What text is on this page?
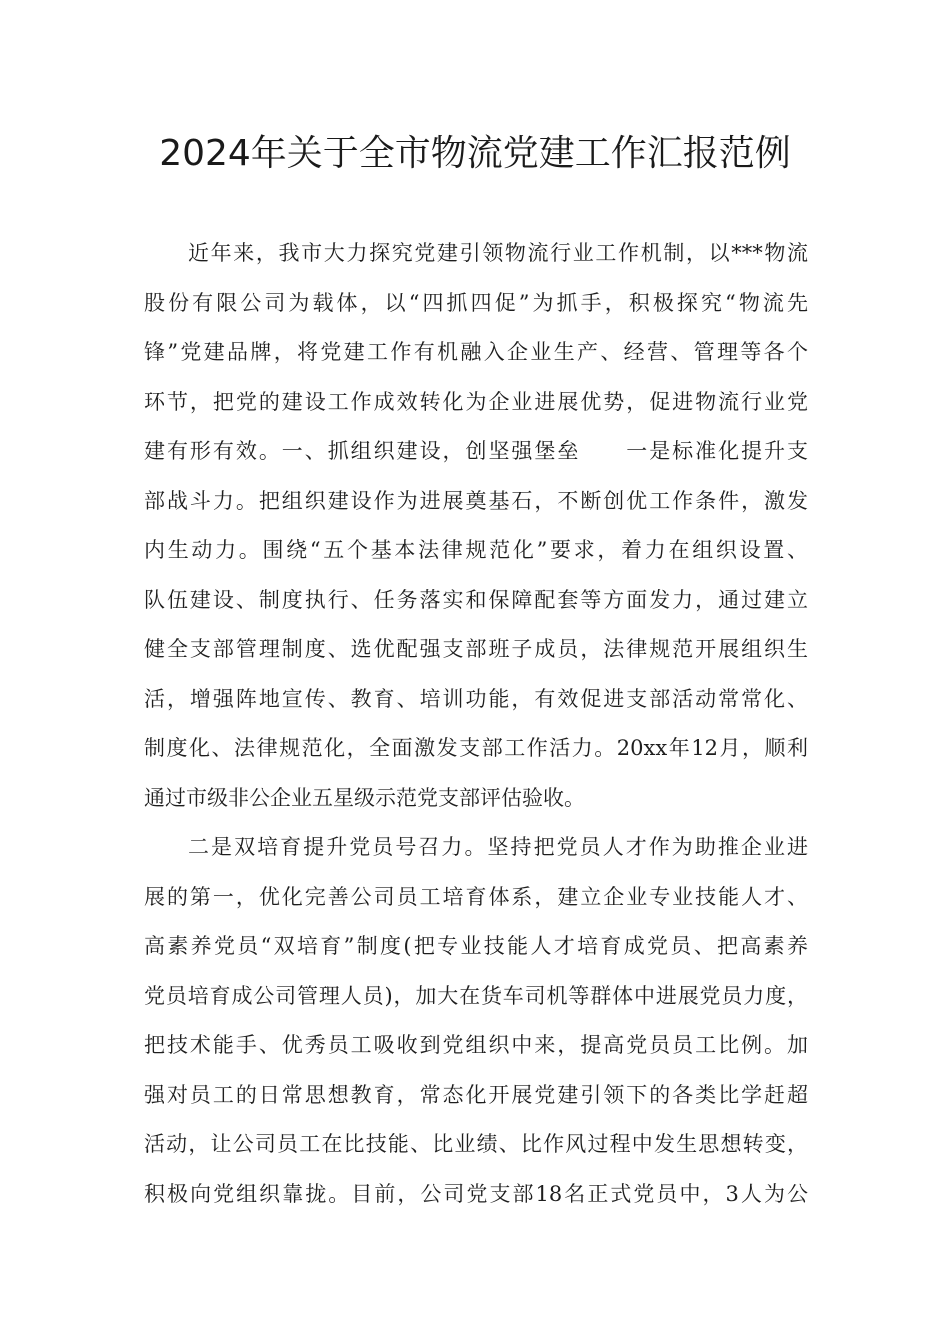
2024年关于全市物流党建工作汇报范例
近年来，我市大力探究党建引领物流行业工作机制，以***物流
股份有限公司为载体，以“四抓四促”为抓手，积极探究“物流先
锋”党建品牌，将党建工作有机融入企业生产、经营、管理等各个
环节，把党的建设工作成效转化为企业进展优势，促进物流行业党
建有形有效。一、抓组织建设，创坚强堡垒　　一是标准化提升支
部战斗力。把组织建设作为进展奠基石，不断创优工作条件，激发
内生动力。围绕“五个基本法律规范化”要求，着力在组织设置、
队伍建设、制度执行、任务落实和保障配套等方面发力，通过建立
健全支部管理制度、选优配强支部班子成员，法律规范开展组织生
活，增强阵地宣传、教育、培训功能，有效促进支部活动常常化、
制度化、法律规范化，全面激发支部工作活力。20xx年12月，顺利
通过市级非公企业五星级示范党支部评估验收。
二是双培育提升党员号召力。坚持把党员人才作为助推企业进
展的第一，优化完善公司员工培育体系，建立企业专业技能人才、
高素养党员“双培育”制度(把专业技能人才培育成党员、把高素养
党员培育成公司管理人员)，加大在货车司机等群体中进展党员力度，
把技术能手、优秀员工吸收到党组织中来，提高党员员工比例。加
强对员工的日常思想教育，常态化开展党建引领下的各类比学赶超
活动，让公司员工在比技能、比业绩、比作风过程中发生思想转变，
积极向党组织靠拢。目前，公司党支部18名正式党员中，3人为公
